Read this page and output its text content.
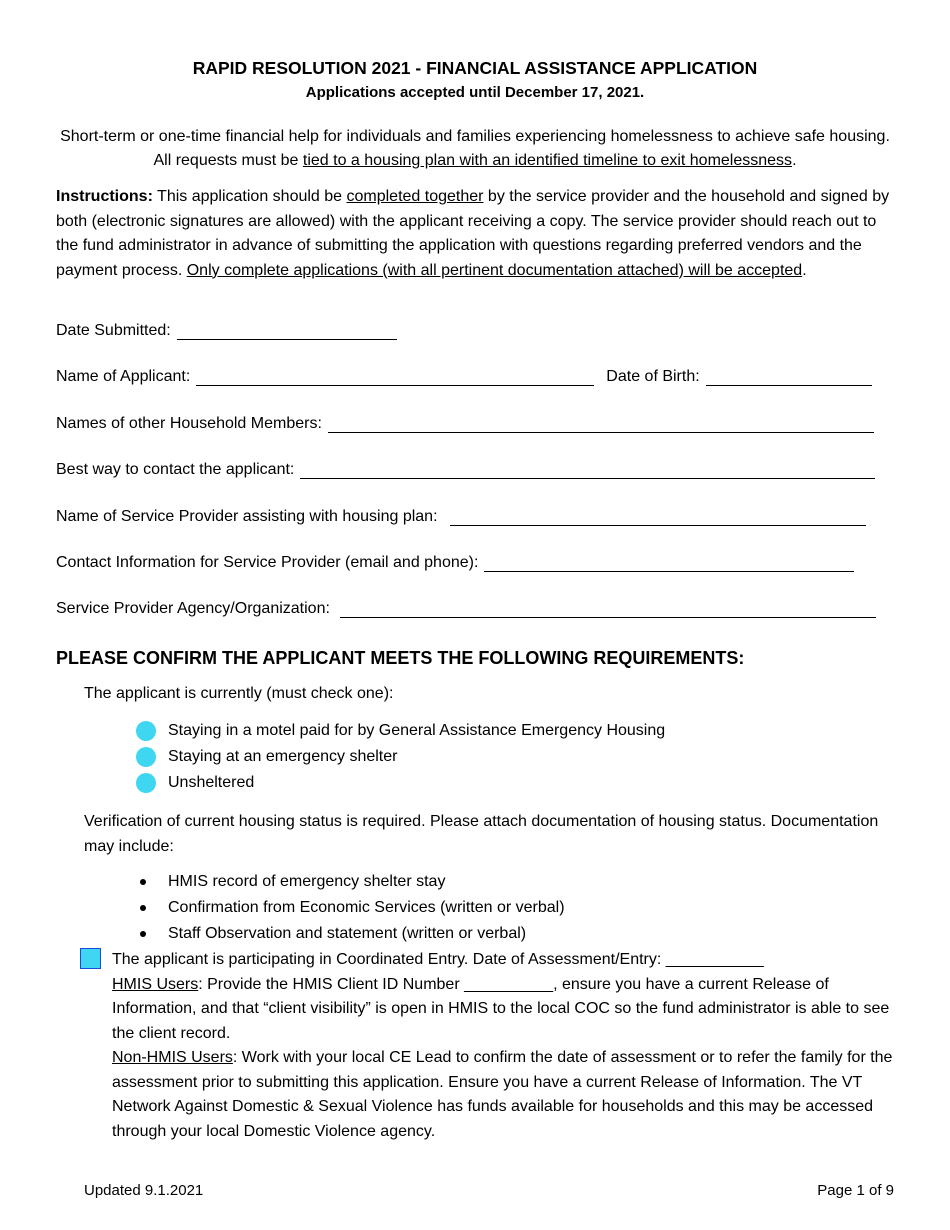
RAPID RESOLUTION 2021 - FINANCIAL ASSISTANCE APPLICATION
Applications accepted until December 17, 2021.
Short-term or one-time financial help for individuals and families experiencing homelessness to achieve safe housing. All requests must be tied to a housing plan with an identified timeline to exit homelessness.
Instructions: This application should be completed together by the service provider and the household and signed by both (electronic signatures are allowed) with the applicant receiving a copy. The service provider should reach out to the fund administrator in advance of submitting the application with questions regarding preferred vendors and the payment process. Only complete applications (with all pertinent documentation attached) will be accepted.
Date Submitted:
Name of Applicant:	Date of Birth:
Names of other Household Members:
Best way to contact the applicant:
Name of Service Provider assisting with housing plan:
Contact Information for Service Provider (email and phone):
Service Provider Agency/Organization:
PLEASE CONFIRM THE APPLICANT MEETS THE FOLLOWING REQUIREMENTS:
The applicant is currently (must check one):
Staying in a motel paid for by General Assistance Emergency Housing
Staying at an emergency shelter
Unsheltered
Verification of current housing status is required. Please attach documentation of housing status. Documentation may include:
HMIS record of emergency shelter stay
Confirmation from Economic Services (written or verbal)
Staff Observation and statement (written or verbal)
The applicant is participating in Coordinated Entry. Date of Assessment/Entry: ___________
HMIS Users: Provide the HMIS Client ID Number __________, ensure you have a current Release of Information, and that “client visibility” is open in HMIS to the local COC so the fund administrator is able to see the client record.
Non-HMIS Users: Work with your local CE Lead to confirm the date of assessment or to refer the family for the assessment prior to submitting this application. Ensure you have a current Release of Information. The VT Network Against Domestic & Sexual Violence has funds available for households and this may be accessed through your local Domestic Violence agency.
Updated 9.1.2021	Page 1 of 9
